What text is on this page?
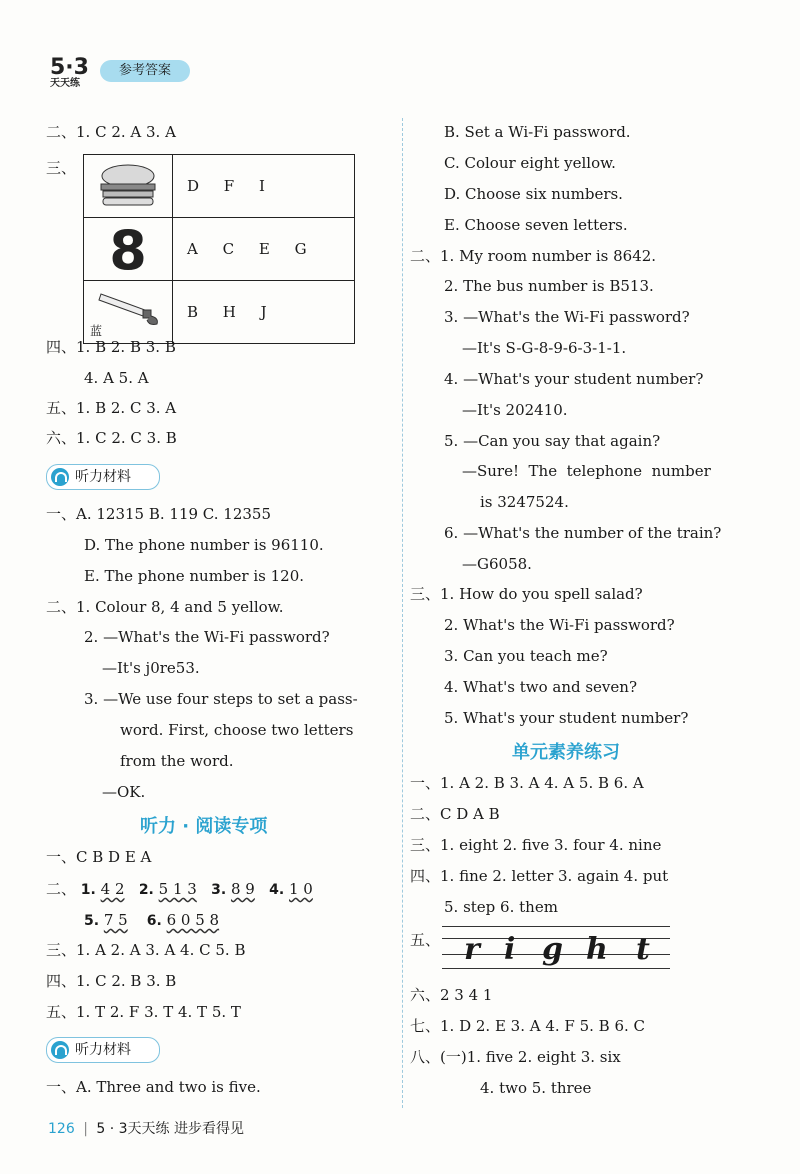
5·3
天天练
参考答案
二、1. C 2. A 3. A
三、
	D F I

8	A C E G

蓝	B H J
四、1. B 2. B 3. B
4. A 5. A
五、1. B 2. C 3. A
六、1. C 2. C 3. B
听力材料
一、A. 12315 B. 119 C. 12355
D. The phone number is 96110.
E. The phone number is 120.
二、1. Colour 8, 4 and 5 yellow.
2. —What's the Wi-Fi password?
—It's j0re53.
3. —We use four steps to set a pass-
word. First, choose two letters
from the word.
—OK.
听力 · 阅读专项
一、C B D E A
二、 1. 4 2 2. 5 1 3 3. 8 9 4. 1 0
5. 7 5 6. 6 0 5 8
三、1. A 2. A 3. A 4. C 5. B
四、1. C 2. B 3. B
五、1. T 2. F 3. T 4. T 5. T
听力材料
一、A. Three and two is five.
B. Set a Wi-Fi password.
C. Colour eight yellow.
D. Choose six numbers.
E. Choose seven letters.
二、1. My room number is 8642.
2. The bus number is B513.
3. —What's the Wi-Fi password?
—It's S-G-8-9-6-3-1-1.
4. —What's your student number?
—It's 202410.
5. —Can you say that again?
—Sure!  The  telephone  number
is 3247524.
6. —What's the number of the train?
—G6058.
三、1. How do you spell salad?
2. What's the Wi-Fi password?
3. Can you teach me?
4. What's two and seven?
5. What's your student number?
单元素养练习
一、1. A 2. B 3. A 4. A 5. B 6. A
二、C D A B
三、1. eight 2. five 3. four 4. nine
四、1. fine 2. letter 3. again 4. put
5. step 6. them
五、 r i g h t
六、2 3 4 1
七、1. D 2. E 3. A 4. F 5. B 6. C
八、(一)1. five 2. eight 3. six
4. two 5. three
126 | 5 · 3天天练 进步看得见
